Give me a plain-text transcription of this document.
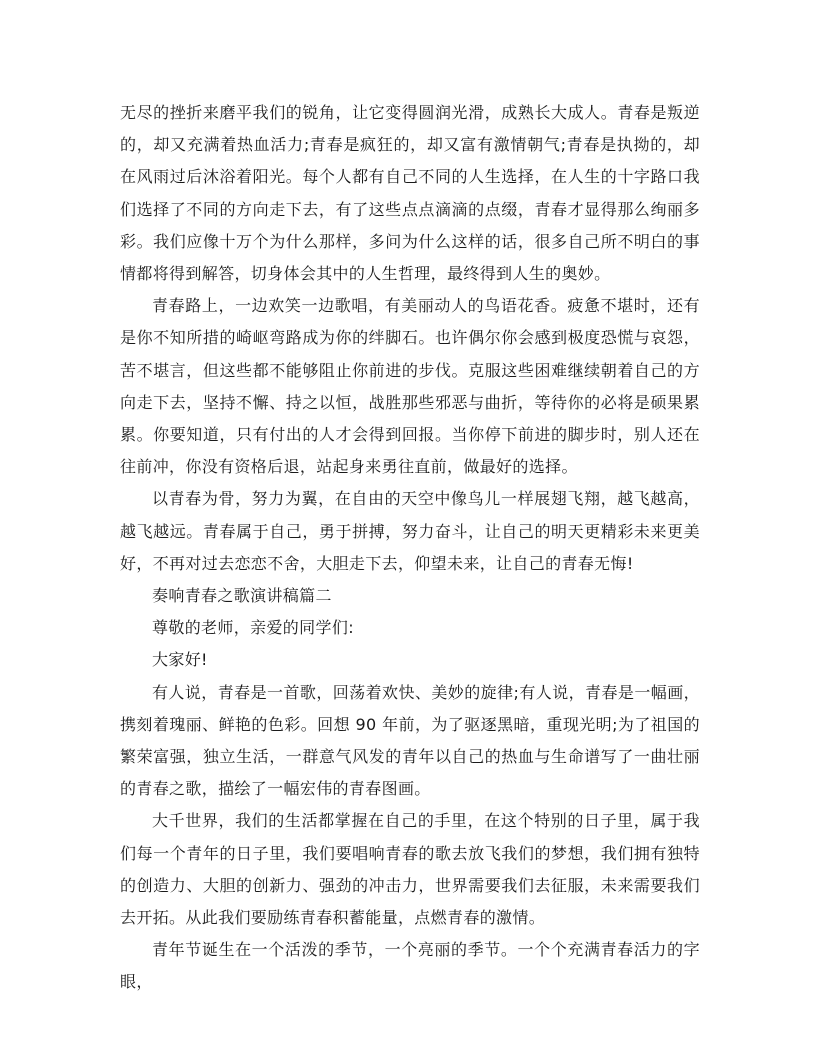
无尽的挫折来磨平我们的锐角，让它变得圆润光滑，成熟长大成人。青春是叛逆的，却又充满着热血活力;青春是疯狂的，却又富有激情朝气;青春是执拗的，却在风雨过后沐浴着阳光。每个人都有自己不同的人生选择，在人生的十字路口我们选择了不同的方向走下去，有了这些点点滴滴的点缀，青春才显得那么绚丽多彩。我们应像十万个为什么那样，多问为什么这样的话，很多自己所不明白的事情都将得到解答，切身体会其中的人生哲理，最终得到人生的奥妙。

青春路上，一边欢笑一边歌唱，有美丽动人的鸟语花香。疲惫不堪时，还有是你不知所措的崎岖弯路成为你的绊脚石。也许偶尔你会感到极度恐慌与哀怨，苦不堪言，但这些都不能够阻止你前进的步伐。克服这些困难继续朝着自己的方向走下去，坚持不懈、持之以恒，战胜那些邪恶与曲折，等待你的必将是硕果累累。你要知道，只有付出的人才会得到回报。当你停下前进的脚步时，别人还在往前冲，你没有资格后退，站起身来勇往直前，做最好的选择。

以青春为骨，努力为翼，在自由的天空中像鸟儿一样展翅飞翔，越飞越高，越飞越远。青春属于自己，勇于拼搏，努力奋斗，让自己的明天更精彩未来更美好，不再对过去恋恋不舍，大胆走下去，仰望未来，让自己的青春无悔!

奏响青春之歌演讲稿篇二

尊敬的老师，亲爱的同学们:

大家好!

有人说，青春是一首歌，回荡着欢快、美妙的旋律;有人说，青春是一幅画，携刻着瑰丽、鲜艳的色彩。回想 90 年前，为了驱逐黑暗，重现光明;为了祖国的繁荣富强，独立生活，一群意气风发的青年以自己的热血与生命谱写了一曲壮丽的青春之歌，描绘了一幅宏伟的青春图画。

大千世界，我们的生活都掌握在自己的手里，在这个特别的日子里，属于我们每一个青年的日子里，我们要唱响青春的歌去放飞我们的梦想，我们拥有独特的创造力、大胆的创新力、强劲的冲击力，世界需要我们去征服，未来需要我们去开拓。从此我们要励练青春积蓄能量，点燃青春的激情。

青年节诞生在一个活泼的季节，一个亮丽的季节。一个个充满青春活力的字眼，
